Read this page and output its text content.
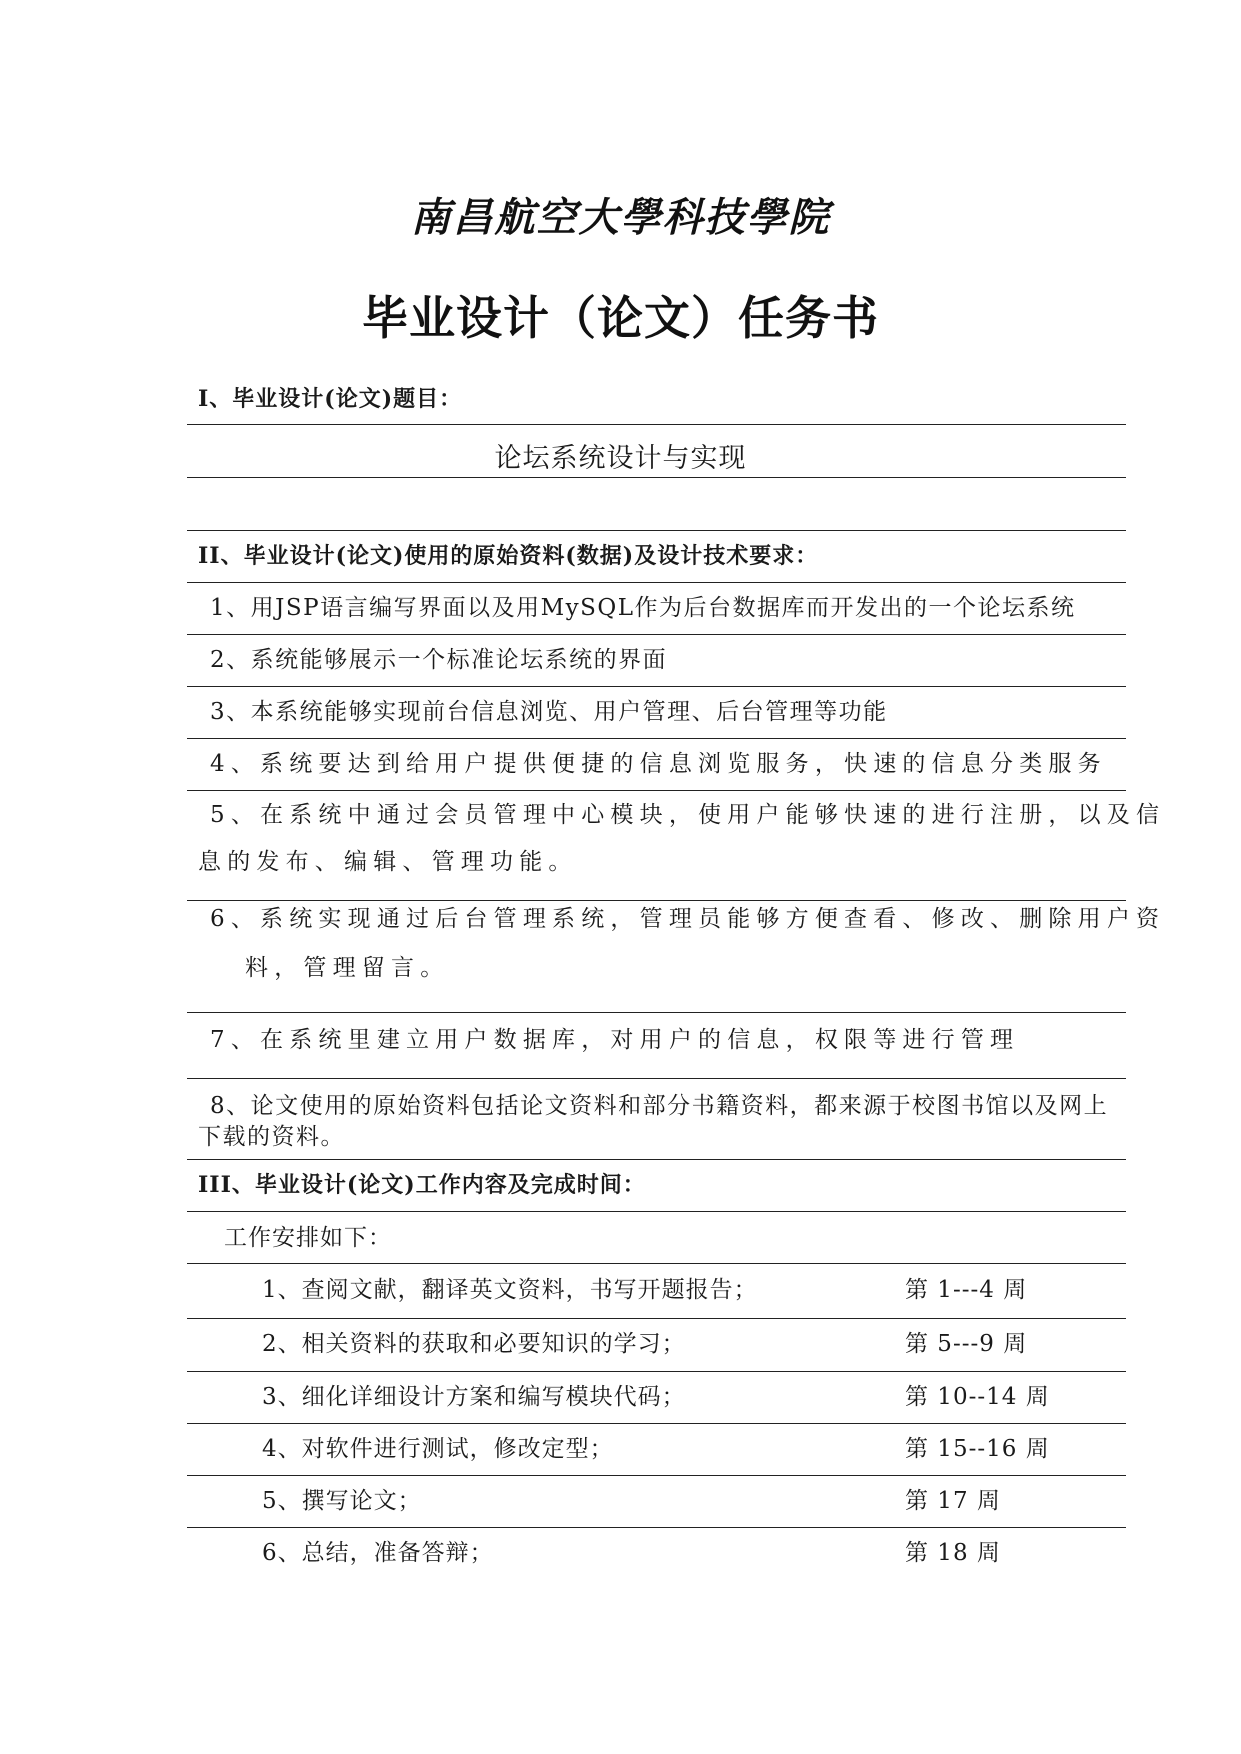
南昌航空大學科技學院
毕业设计（论文）任务书
I、毕业设计(论文)题目：
论坛系统设计与实现
II、毕业设计(论文)使用的原始资料(数据)及设计技术要求：
1、用JSP语言编写界面以及用MySQL作为后台数据库而开发出的一个论坛系统
2、系统能够展示一个标准论坛系统的界面
3、本系统能够实现前台信息浏览、用户管理、后台管理等功能
4、系统要达到给用户提供便捷的信息浏览服务，快速的信息分类服务
5、在系统中通过会员管理中心模块，使用户能够快速的进行注册，以及信
息的发布、编辑、管理功能。
6、系统实现通过后台管理系统，管理员能够方便查看、修改、删除用户资
料，管理留言。
7、在系统里建立用户数据库，对用户的信息，权限等进行管理
8、论文使用的原始资料包括论文资料和部分书籍资料，都来源于校图书馆以及网上
下载的资料。
III、毕业设计(论文)工作内容及完成时间：
工作安排如下：
1、查阅文献，翻译英文资料，书写开题报告；	第 1---4 周
2、相关资料的获取和必要知识的学习；	第 5---9 周
3、细化详细设计方案和编写模块代码；	第 10--14 周
4、对软件进行测试，修改定型；	第 15--16 周
5、撰写论文；	第 17 周
6、总结，准备答辩；	第 18 周
